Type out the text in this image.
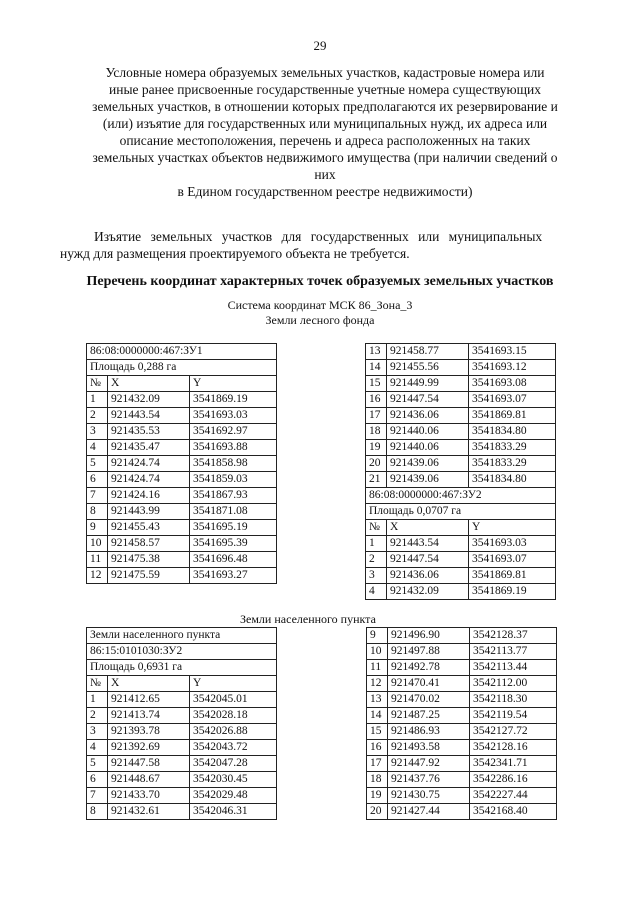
29
Условные номера образуемых земельных участков, кадастровые номера или
иные ранее присвоенные государственные учетные номера существующих
земельных участков, в отношении которых предполагаются их резервирование и
(или) изъятие для государственных или муниципальных нужд, их адреса или
описание местоположения, перечень и адреса расположенных на таких
земельных участках объектов недвижимого имущества (при наличии сведений о
них
в Едином государственном реестре недвижимости)
Изъятие земельных участков для государственных или муниципальных
нужд для размещения проектируемого объекта не требуется.
Перечень координат характерных точек образуемых земельных участков
Система координат МСК 86_Зона_3
Земли лесного фонда
86:08:0000000:467:ЗУ1		
Площадь 0,288 га		
№	X	Y
1	921432.09	3541869.19
2	921443.54	3541693.03
3	921435.53	3541692.97
4	921435.47	3541693.88
5	921424.74	3541858.98
6	921424.74	3541859.03
7	921424.16	3541867.93
8	921443.99	3541871.08
9	921455.43	3541695.19
10	921458.57	3541695.39
11	921475.38	3541696.48
12	921475.59	3541693.27
13	921458.77	3541693.15
14	921455.56	3541693.12
15	921449.99	3541693.08
16	921447.54	3541693.07
17	921436.06	3541869.81
18	921440.06	3541834.80
19	921440.06	3541833.29
20	921439.06	3541833.29
21	921439.06	3541834.80
86:08:0000000:467:ЗУ2		
Площадь 0,0707 га		
№	X	Y
1	921443.54	3541693.03
2	921447.54	3541693.07
3	921436.06	3541869.81
4	921432.09	3541869.19
Земли населенного пункта
Земли населенного пункта		
86:15:0101030:ЗУ2		
Площадь 0,6931 га		
№	X	Y
1	921412.65	3542045.01
2	921413.74	3542028.18
3	921393.78	3542026.88
4	921392.69	3542043.72
5	921447.58	3542047.28
6	921448.67	3542030.45
7	921433.70	3542029.48
8	921432.61	3542046.31
9	921496.90	3542128.37
10	921497.88	3542113.77
11	921492.78	3542113.44
12	921470.41	3542112.00
13	921470.02	3542118.30
14	921487.25	3542119.54
15	921486.93	3542127.72
16	921493.58	3542128.16
17	921447.92	3542341.71
18	921437.76	3542286.16
19	921430.75	3542227.44
20	921427.44	3542168.40
